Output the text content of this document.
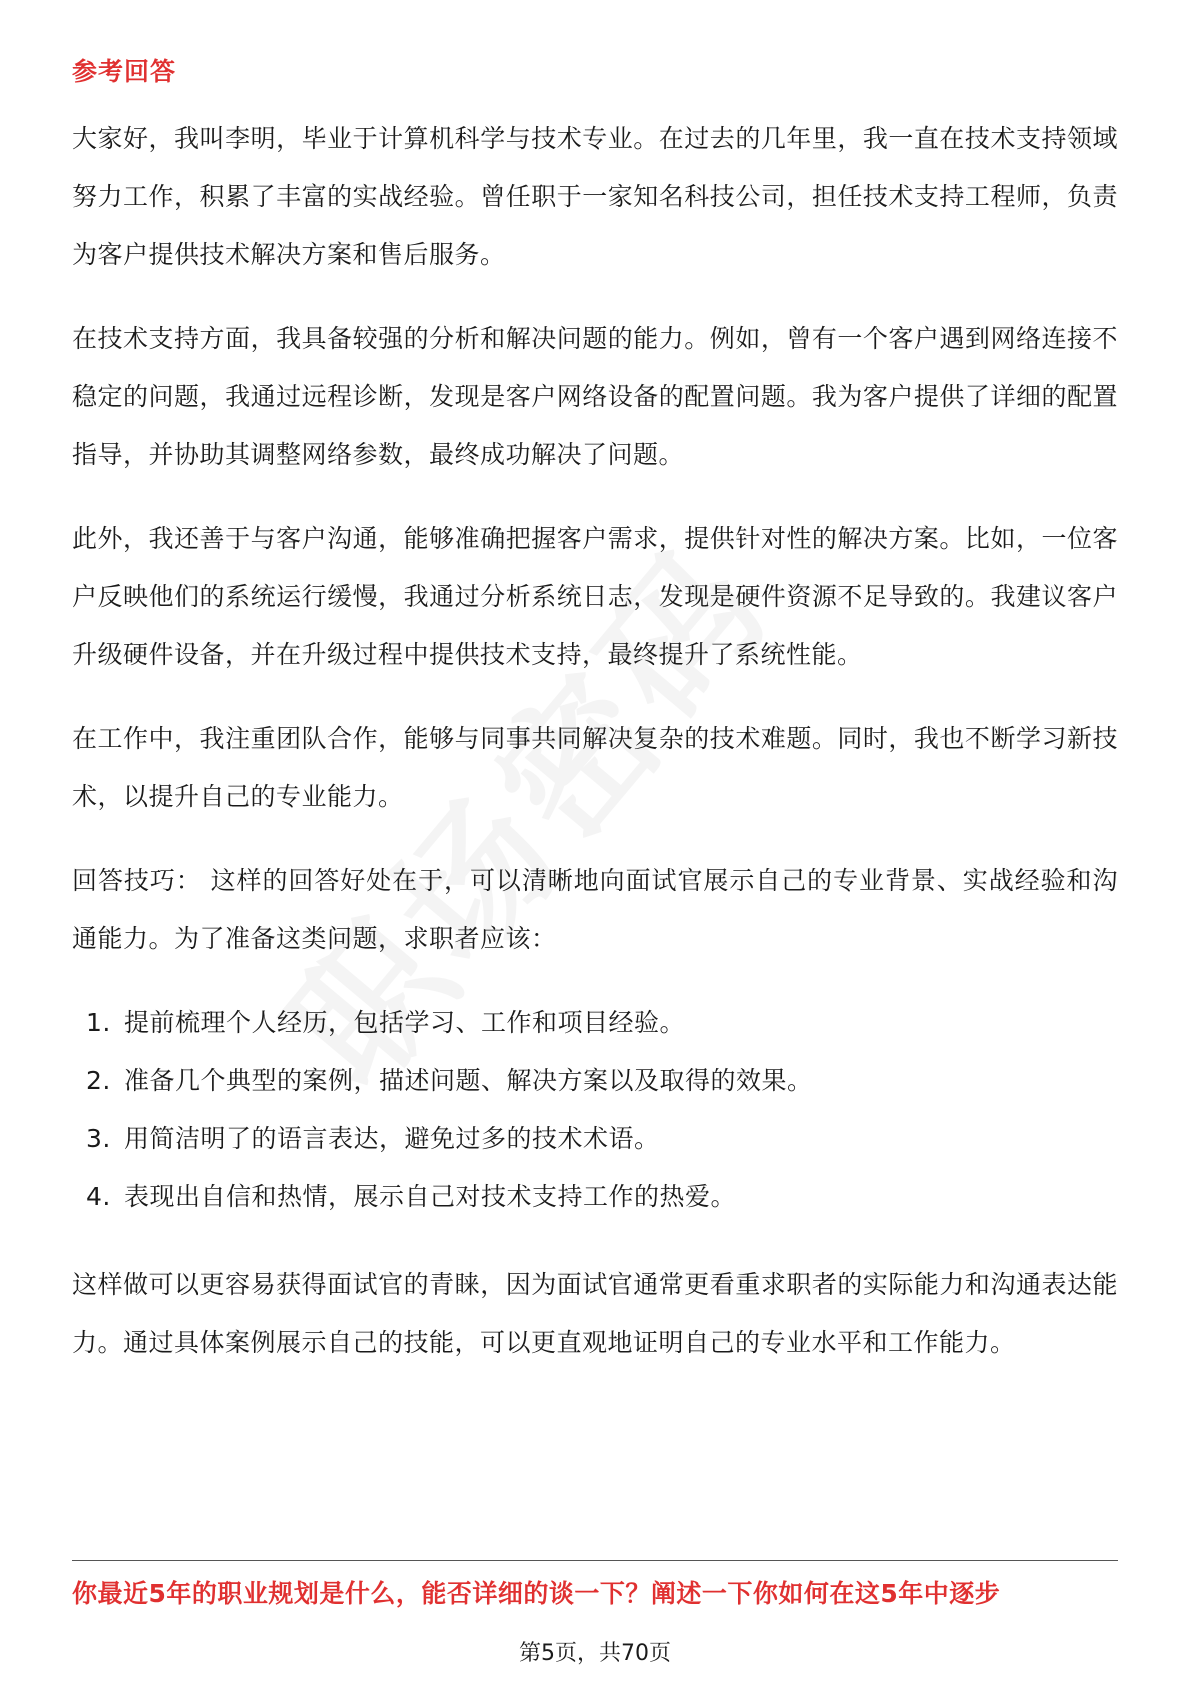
参考回答

大家好，我叫李明，毕业于计算机科学与技术专业。在过去的几年里，我一直在技术支持领域努力工作，积累了丰富的实战经验。曾任职于一家知名科技公司，担任技术支持工程师，负责为客户提供技术解决方案和售后服务。

在技术支持方面，我具备较强的分析和解决问题的能力。例如，曾有一个客户遇到网络连接不稳定的问题，我通过远程诊断，发现是客户网络设备的配置问题。我为客户提供了详细的配置指导，并协助其调整网络参数，最终成功解决了问题。

此外，我还善于与客户沟通，能够准确把握客户需求，提供针对性的解决方案。比如，一位客户反映他们的系统运行缓慢，我通过分析系统日志，发现是硬件资源不足导致的。我建议客户升级硬件设备，并在升级过程中提供技术支持，最终提升了系统性能。

在工作中，我注重团队合作，能够与同事共同解决复杂的技术难题。同时，我也不断学习新技术，以提升自己的专业能力。

回答技巧： 这样的回答好处在于，可以清晰地向面试官展示自己的专业背景、实战经验和沟通能力。为了准备这类问题，求职者应该：

1. 提前梳理个人经历，包括学习、工作和项目经验。
2. 准备几个典型的案例，描述问题、解决方案以及取得的效果。
3. 用简洁明了的语言表达，避免过多的技术术语。
4. 表现出自信和热情，展示自己对技术支持工作的热爱。

这样做可以更容易获得面试官的青睐，因为面试官通常更看重求职者的实际能力和沟通表达能力。通过具体案例展示自己的技能，可以更直观地证明自己的专业水平和工作能力。

你最近5年的职业规划是什么，能否详细的谈一下？阐述一下你如何在这5年中逐步
第5页，共70页
